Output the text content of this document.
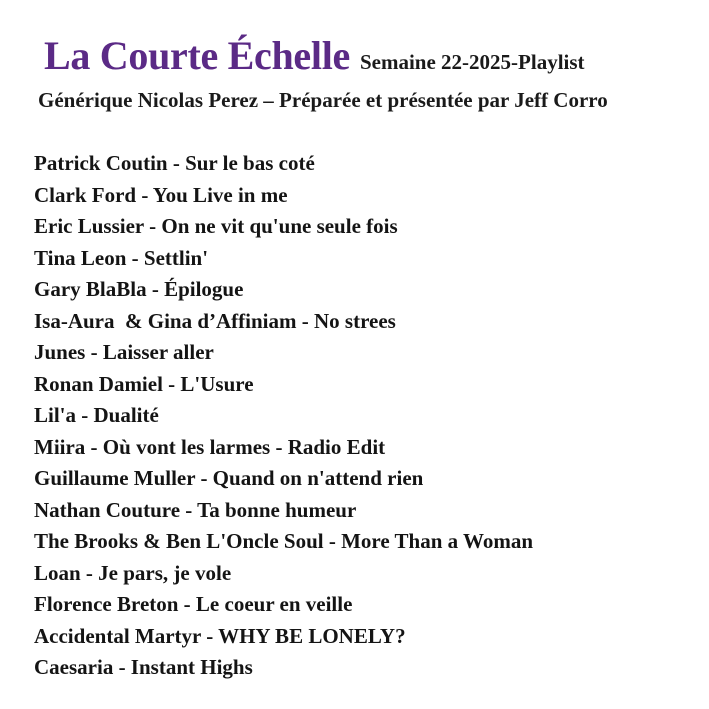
La Courte Échelle Semaine 22-2025-Playlist
Générique Nicolas Perez – Préparée et présentée par Jeff Corro
Patrick Coutin - Sur le bas coté
Clark Ford - You Live in me
Eric Lussier - On ne vit qu'une seule fois
Tina Leon - Settlin'
Gary BlaBla - Épilogue
Isa-Aura  & Gina d’Affiniam - No strees
Junes - Laisser aller
Ronan Damiel - L'Usure
Lil'a - Dualité
Miira - Où vont les larmes - Radio Edit
Guillaume Muller - Quand on n'attend rien
Nathan Couture - Ta bonne humeur
The Brooks & Ben L'Oncle Soul - More Than a Woman
Loan - Je pars, je vole
Florence Breton - Le coeur en veille
Accidental Martyr - WHY BE LONELY?
Caesaria - Instant Highs
